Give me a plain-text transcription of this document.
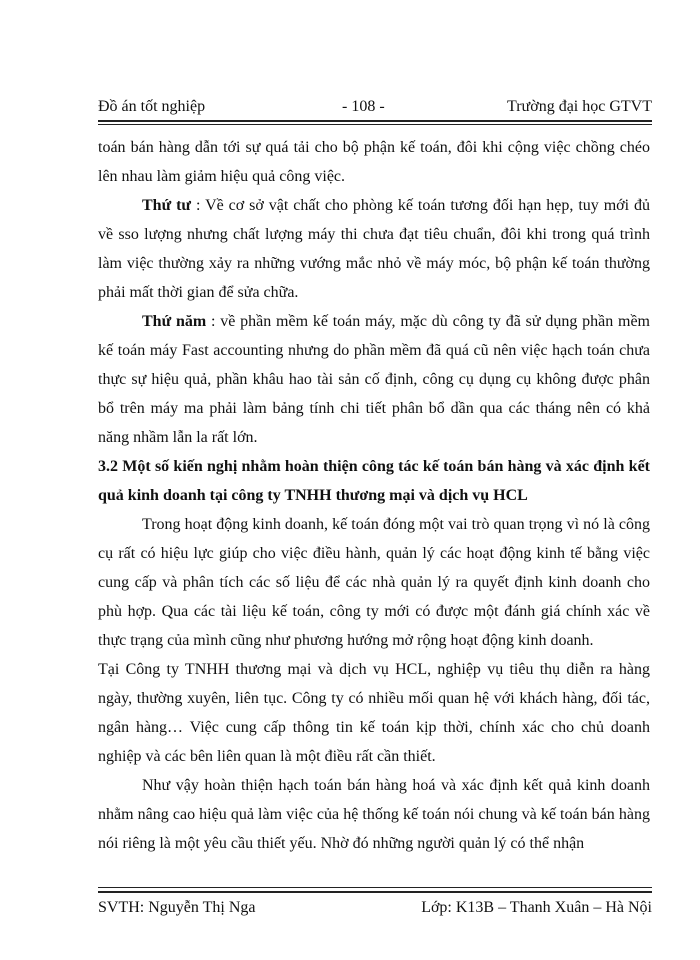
Đồ án tốt nghiệp	- 108 -	Trường đại học GTVT

toán bán hàng dẫn tới sự quá tải cho bộ phận kế toán, đôi khi cộng việc chồng chéo lên nhau làm giảm hiệu quả công việc.

Thứ tư : Về cơ sở vật chất cho phòng kế toán tương đối hạn hẹp, tuy mới đủ về sso lượng nhưng chất lượng máy thi chưa đạt tiêu chuẩn, đôi khi trong quá trình làm việc thường xảy ra những vướng mắc nhỏ về máy móc, bộ phận kế toán thường phải mất thời gian để sửa chữa.

Thứ năm : về phần mềm kế toán máy, mặc dù công ty đã sử dụng phần mềm kế toán máy Fast accounting nhưng do phần mềm đã quá cũ nên việc hạch toán chưa thực sự hiệu quả, phần khâu hao tài sản cố định, công cụ dụng cụ không được phân bổ trên máy ma phải làm bảng tính chi tiết phân bổ dần qua các tháng nên có khả năng nhầm lẫn la rất lớn.

3.2 Một số kiến nghị nhằm hoàn thiện công tác kế toán bán hàng và xác định kết quả kinh doanh tại công ty TNHH thương mại và dịch vụ HCL

Trong hoạt động kinh doanh, kế toán đóng một vai trò quan trọng vì nó là công cụ rất có hiệu lực giúp cho việc điều hành, quản lý các hoạt động kinh tế bằng việc cung cấp và phân tích các số liệu để các nhà quản lý ra quyết định kinh doanh cho phù hợp. Qua các tài liệu kế toán, công ty mới có được một đánh giá chính xác về thực trạng của mình cũng như phương hướng mở rộng hoạt động kinh doanh.

Tại Công ty TNHH thương mại và dịch vụ HCL, nghiệp vụ tiêu thụ diễn ra hàng ngày, thường xuyên, liên tục. Công ty có nhiều mối quan hệ với khách hàng, đối tác, ngân hàng… Việc cung cấp thông tin kế toán kịp thời, chính xác cho chủ doanh nghiệp và các bên liên quan là một điều rất cần thiết.

Như vậy hoàn thiện hạch toán bán hàng hoá và xác định kết quả kinh doanh nhằm nâng cao hiệu quả làm việc của hệ thống kế toán nói chung và kế toán bán hàng nói riêng là một yêu cầu thiết yếu. Nhờ đó những người quản lý có thể nhận

SVTH: Nguyễn Thị Nga	Lớp: K13B – Thanh Xuân – Hà Nội
